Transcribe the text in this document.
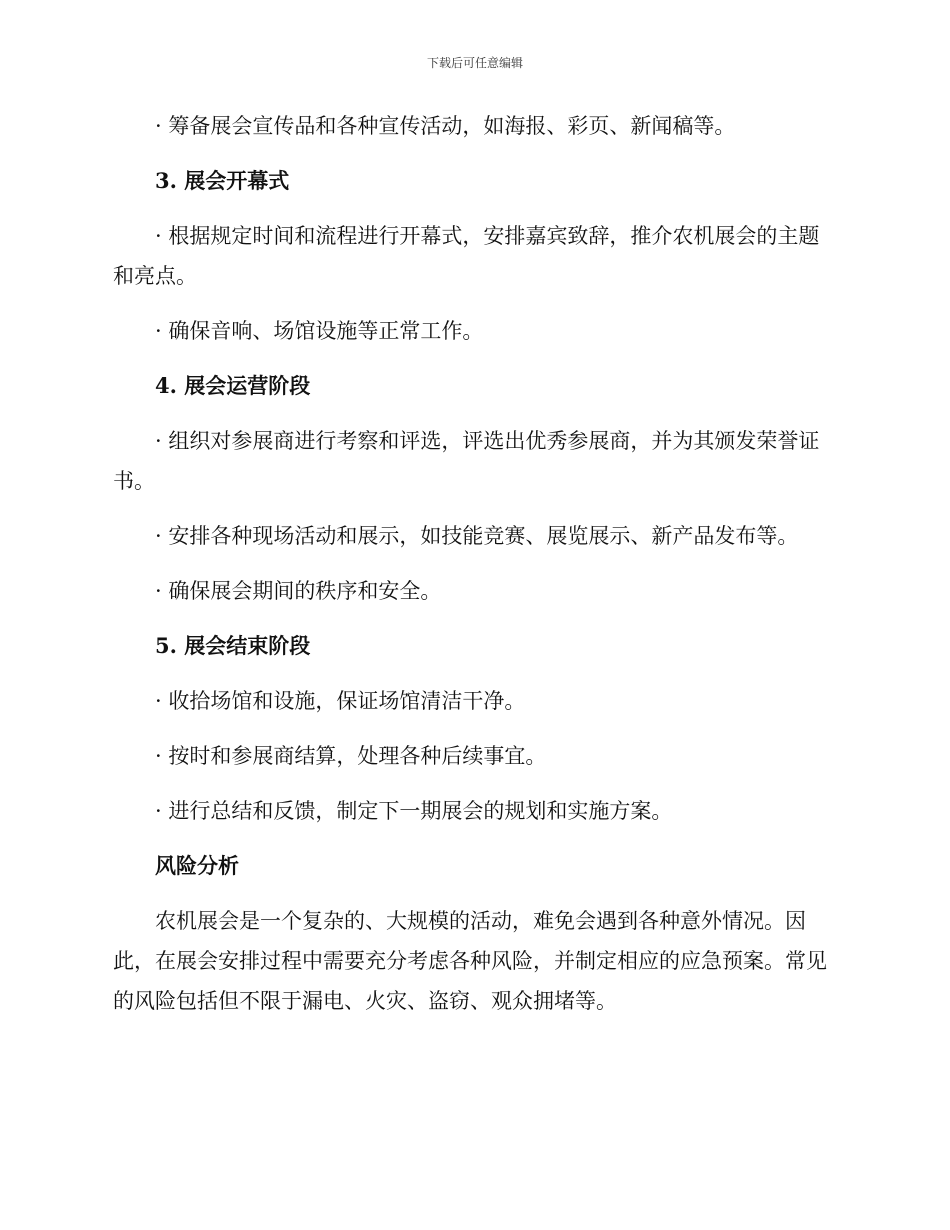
下载后可任意编辑

· 筹备展会宣传品和各种宣传活动，如海报、彩页、新闻稿等。

3. 展会开幕式

· 根据规定时间和流程进行开幕式，安排嘉宾致辞，推介农机展会的主题和亮点。

· 确保音响、场馆设施等正常工作。

4. 展会运营阶段

· 组织对参展商进行考察和评选，评选出优秀参展商，并为其颁发荣誉证书。

· 安排各种现场活动和展示，如技能竞赛、展览展示、新产品发布等。

· 确保展会期间的秩序和安全。

5. 展会结束阶段

· 收拾场馆和设施，保证场馆清洁干净。

· 按时和参展商结算，处理各种后续事宜。

· 进行总结和反馈，制定下一期展会的规划和实施方案。

风险分析

农机展会是一个复杂的、大规模的活动，难免会遇到各种意外情况。因此，在展会安排过程中需要充分考虑各种风险，并制定相应的应急预案。常见的风险包括但不限于漏电、火灾、盗窃、观众拥堵等。
